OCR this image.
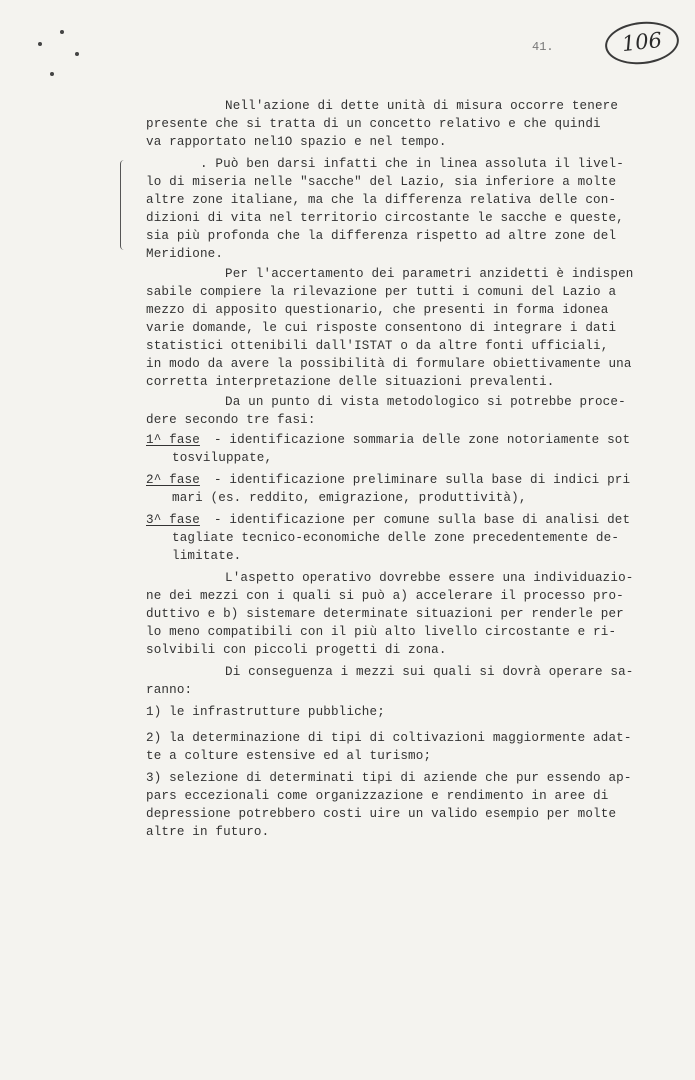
41.	106
Nell'azione di dette unità di misura occorre tenere
presente che si tratta di un concetto relativo e che quindi
va rapportato nel1O spazio e nel tempo.
. Può ben darsi infatti che in linea assoluta il livel-
lo di miseria nelle "sacche" del Lazio, sia inferiore a molte
altre zone italiane, ma che la differenza relativa delle con-
dizioni di vita nel territorio circostante le sacche e queste,
sia più profonda che la differenza rispetto ad altre zone del
Meridione.
Per l'accertamento dei parametri anzidetti è indispen
sabile compiere la rilevazione per tutti i comuni del Lazio a
mezzo di apposito questionario, che presenti in forma idonea
varie domande, le cui risposte consentono di integrare i dati
statistici ottenibili dall'ISTAT o da altre fonti ufficiali,
in modo da avere la possibilità di formulare obiettivamente una
corretta interpretazione delle situazioni prevalenti.
Da un punto di vista metodologico si potrebbe proce-
dere secondo tre fasi:
1^ fase - identificazione sommaria delle zone notoriamente sot
tosviluppate,
2^ fase - identificazione preliminare sulla base di indici pri
mari (es. reddito, emigrazione, produttività),
3^ fase - identificazione per comune sulla base di analisi det
tagliate tecnico-economiche delle zone precedentemente de-
limitate.
L'aspetto operativo dovrebbe essere una individuazio-
ne dei mezzi con i quali si può a) accelerare il processo pro-
duttivo e b) sistemare determinate situazioni per renderle per
lo meno compatibili con il più alto livello circostante e ri-
solvibili con piccoli progetti di zona.
Di conseguenza i mezzi sui quali si dovrà operare sa-
ranno:
1) le infrastrutture pubbliche;
2) la determinazione di tipi di coltivazioni maggiormente adat-
te a colture estensive ed al turismo;
3) selezione di determinati tipi di aziende che pur essendo ap-
pars eccezionali come organizzazione e rendimento in aree di
depressione potrebbero costi uire un valido esempio per molte
altre in futuro.
